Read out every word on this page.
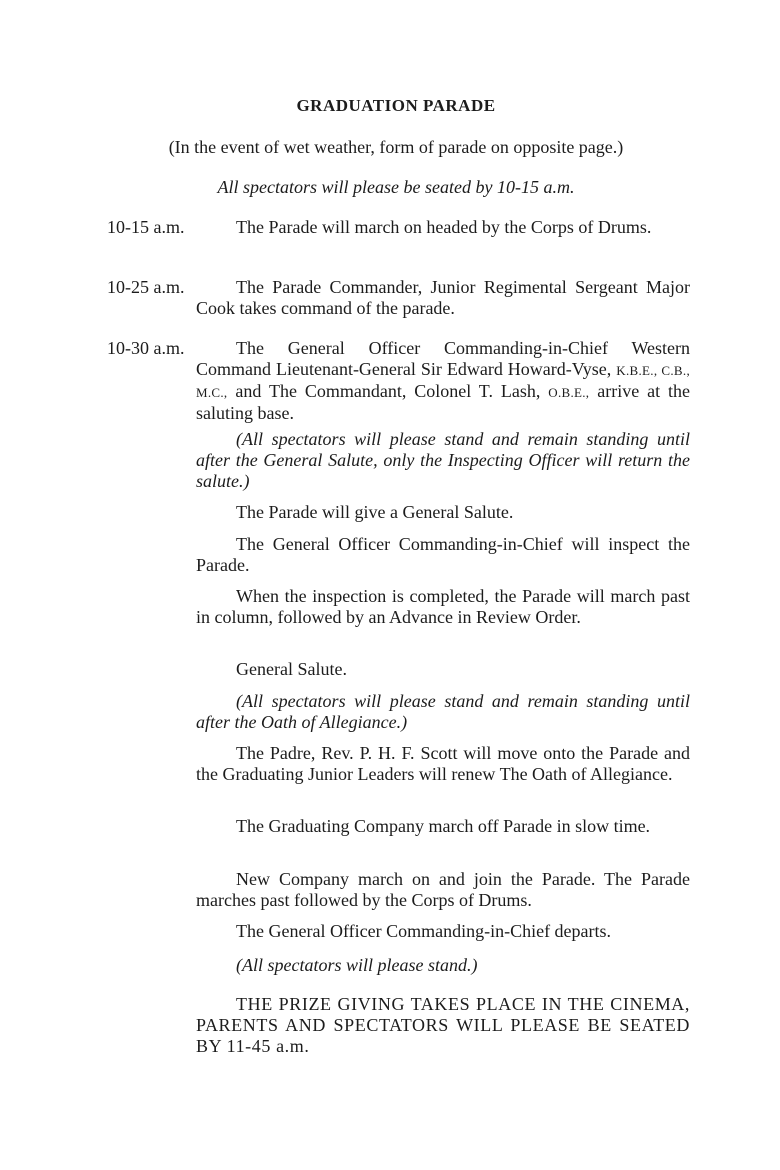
GRADUATION PARADE
(In the event of wet weather, form of parade on opposite page.)
All spectators will please be seated by 10-15 a.m.
10-15 a.m.	The Parade will march on headed by the Corps of Drums.
10-25 a.m.	The Parade Commander, Junior Regimental Sergeant Major Cook takes command of the parade.
10-30 a.m.	The General Officer Commanding-in-Chief Western Command Lieutenant-General Sir Edward Howard-Vyse, K.B.E., C.B., M.C., and The Commandant, Colonel T. Lash, O.B.E., arrive at the saluting base.
(All spectators will please stand and remain standing until after the General Salute, only the Inspecting Officer will return the salute.)
The Parade will give a General Salute.
The General Officer Commanding-in-Chief will inspect the Parade.
When the inspection is completed, the Parade will march past in column, followed by an Advance in Review Order.
General Salute.
(All spectators will please stand and remain standing until after the Oath of Allegiance.)
The Padre, Rev. P. H. F. Scott will move onto the Parade and the Graduating Junior Leaders will renew The Oath of Allegiance.
The Graduating Company march off Parade in slow time.
New Company march on and join the Parade. The Parade marches past followed by the Corps of Drums.
The General Officer Commanding-in-Chief departs.
(All spectators will please stand.)
THE PRIZE GIVING TAKES PLACE IN THE CINEMA, PARENTS AND SPECTATORS WILL PLEASE BE SEATED BY 11-45 a.m.
